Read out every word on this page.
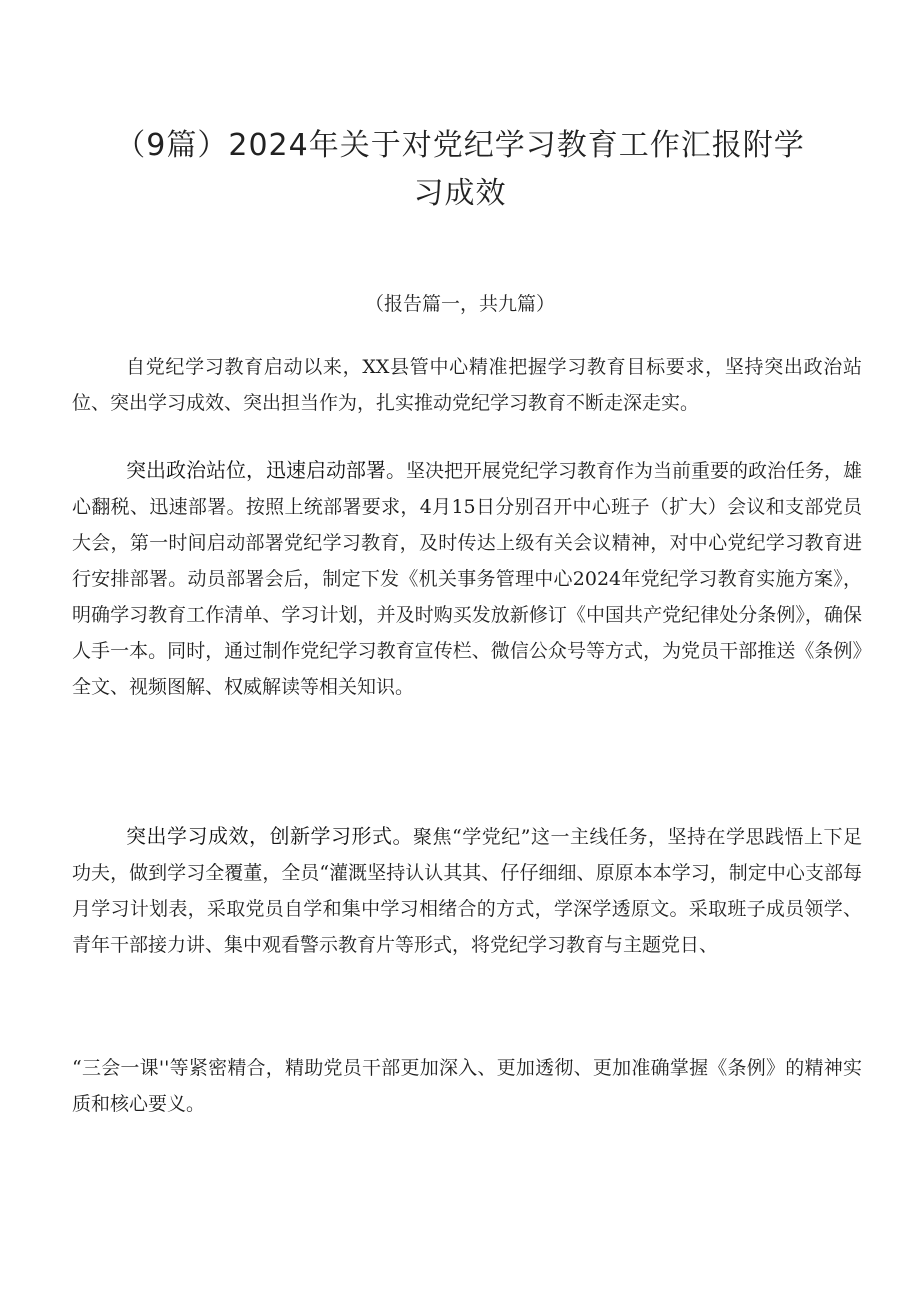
（9篇）2024年关于对党纪学习教育工作汇报附学习成效
（报告篇一，共九篇）

自党纪学习教育启动以来，XX县管中心精准把握学习教育目标要求，坚持突出政治站位、突出学习成效、突出担当作为，扎实推动党纪学习教育不断走深走实。

突出政治站位，迅速启动部署。坚决把开展党纪学习教育作为当前重要的政治任务，雄心翻税、迅速部署。按照上统部署要求，4月15日分别召开中心班子（扩大）会议和支部党员大会，第一时间启动部署党纪学习教育，及时传达上级有关会议精神，对中心党纪学习教育进行安排部署。动员部署会后，制定下发《机关事务管理中心2024年党纪学习教育实施方案》，明确学习教育工作清单、学习计划，并及时购买发放新修订《中国共产党纪律处分条例》，确保人手一本。同时，通过制作党纪学习教育宣传栏、微信公众号等方式，为党员干部推送《条例》全文、视频图解、权威解读等相关知识。

突出学习成效，创新学习形式。聚焦“学党纪”这一主线任务，坚持在学思践悟上下足功夫，做到学习全覆董，全员“灌溉坚持认认其其、仔仔细细、原原本本学习，制定中心支部每月学习计划表，采取党员自学和集中学习相绪合的方式，学深学透原文。采取班子成员领学、青年干部接力讲、集中观看警示教育片等形式，将党纪学习教育与主题党日、

“三会一课''等紧密精合，精助党员干部更加深入、更加透彻、更加准确掌握《条例》的精神实质和核心要义。
